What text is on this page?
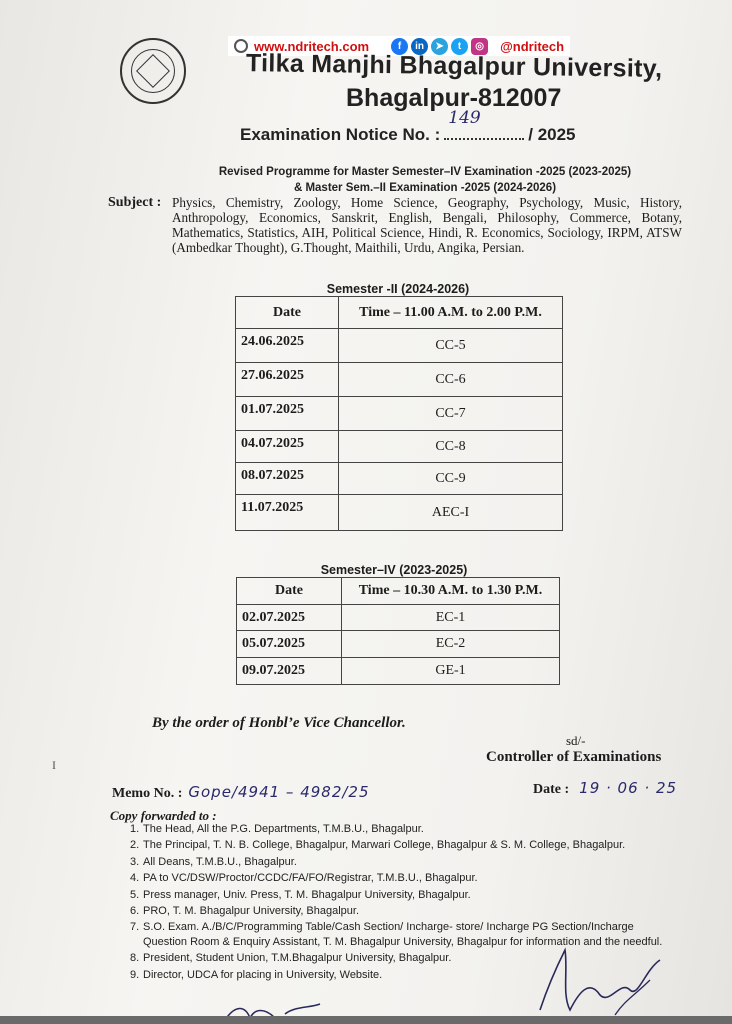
www.ndritech.com	f	in	➤	t	◎	@ndritech
Tilka Manjhi Bhagalpur University,
Bhagalpur-812007
Examination Notice No. :
149
/ 2025
Revised Programme for Master Semester–IV Examination -2025 (2023-2025)
& Master Sem.–II Examination -2025 (2024-2026)
Subject : Physics, Chemistry, Zoology, Home Science, Geography, Psychology, Music, History, Anthropology, Economics, Sanskrit, English, Bengali, Philosophy, Commerce, Botany, Mathematics, Statistics, AIH, Political Science, Hindi, R. Economics, Sociology, IRPM, ATSW (Ambedkar Thought), G.Thought, Maithili, Urdu, Angika, Persian.
Semester -II (2024-2026)
Date	Time – 11.00 A.M. to 2.00 P.M.
24.06.2025	CC-5
27.06.2025	CC-6
01.07.2025	CC-7
04.07.2025	CC-8
08.07.2025	CC-9
11.07.2025	AEC-I
Semester–IV (2023-2025)
Date	Time – 10.30 A.M. to 1.30 P.M.
02.07.2025	EC-1
05.07.2025	EC-2
09.07.2025	GE-1
By the order of Honbl’e Vice Chancellor.
sd/-
Controller of Examinations
Memo No. : Gope/4941 – 4982/25	Date : 19 · 06 · 25
Copy forwarded to :
1. The Head, All the P.G. Departments, T.M.B.U., Bhagalpur.
2. The Principal, T. N. B. College, Bhagalpur, Marwari College, Bhagalpur & S. M. College, Bhagalpur.
3. All Deans, T.M.B.U., Bhagalpur.
4. PA to VC/DSW/Proctor/CCDC/FA/FO/Registrar, T.M.B.U., Bhagalpur.
5. Press manager, Univ. Press, T. M. Bhagalpur University, Bhagalpur.
6. PRO, T. M. Bhagalpur University, Bhagalpur.
7. S.O. Exam. A./B/C/Programming Table/Cash Section/ Incharge- store/ Incharge PG Section/Incharge Question Room & Enquiry Assistant, T. M. Bhagalpur University, Bhagalpur for information and the needful.
8. President, Student Union, T.M.Bhagalpur University, Bhagalpur.
9. Director, UDCA for placing in University, Website.
I
